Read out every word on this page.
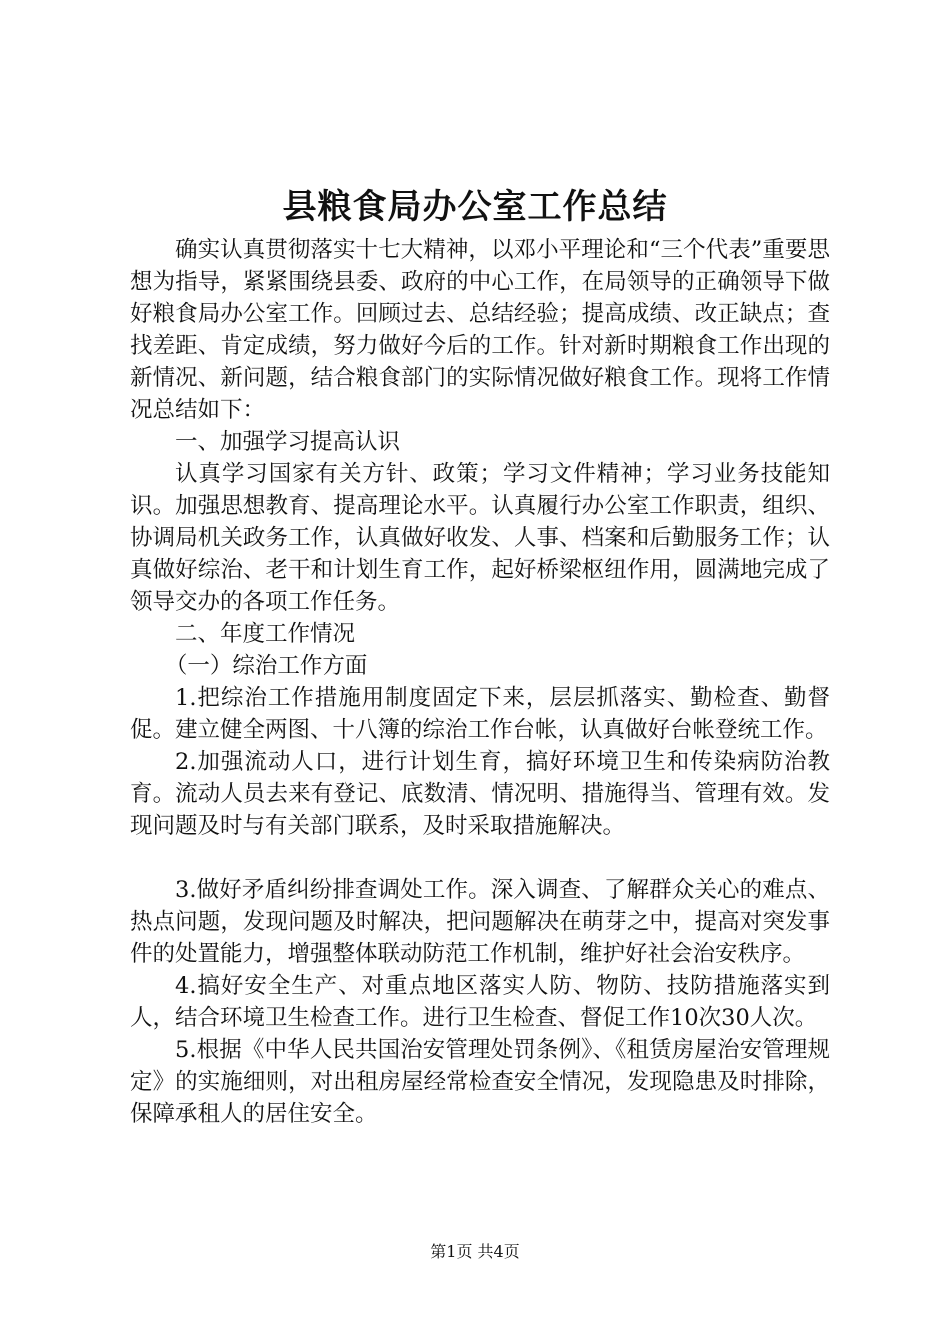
县粮食局办公室工作总结

确实认真贯彻落实十七大精神，以邓小平理论和“三个代表”重要思想为指导，紧紧围绕县委、政府的中心工作，在局领导的正确领导下做好粮食局办公室工作。回顾过去、总结经验；提高成绩、改正缺点；查找差距、肯定成绩，努力做好今后的工作。针对新时期粮食工作出现的新情况、新问题，结合粮食部门的实际情况做好粮食工作。现将工作情况总结如下：

一、加强学习提高认识

认真学习国家有关方针、政策；学习文件精神；学习业务技能知识。加强思想教育、提高理论水平。认真履行办公室工作职责，组织、协调局机关政务工作，认真做好收发、人事、档案和后勤服务工作；认真做好综治、老干和计划生育工作，起好桥梁枢纽作用，圆满地完成了领导交办的各项工作任务。

二、年度工作情况

（一）综治工作方面

1.把综治工作措施用制度固定下来，层层抓落实、勤检查、勤督促。建立健全两图、十八簿的综治工作台帐，认真做好台帐登统工作。

2.加强流动人口，进行计划生育，搞好环境卫生和传染病防治教育。流动人员去来有登记、底数清、情况明、措施得当、管理有效。发现问题及时与有关部门联系，及时采取措施解决。

3.做好矛盾纠纷排查调处工作。深入调查、了解群众关心的难点、热点问题，发现问题及时解决，把问题解决在萌芽之中，提高对突发事件的处置能力，增强整体联动防范工作机制，维护好社会治安秩序。

4.搞好安全生产、对重点地区落实人防、物防、技防措施落实到人，结合环境卫生检查工作。进行卫生检查、督促工作10次30人次。

5.根据《中华人民共国治安管理处罚条例》、《租赁房屋治安管理规定》的实施细则，对出租房屋经常检查安全情况，发现隐患及时排除，保障承租人的居住安全。

第1页 共4页
